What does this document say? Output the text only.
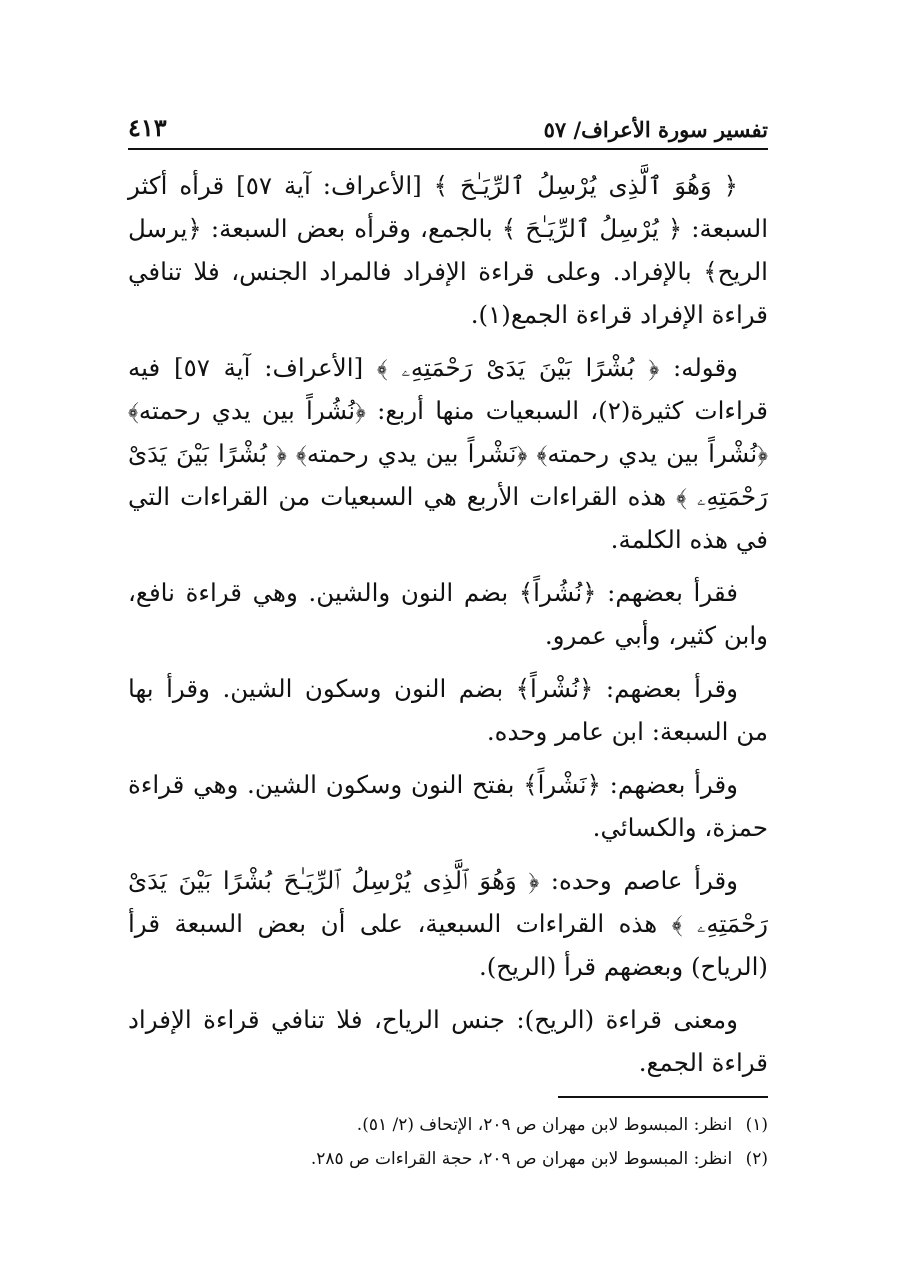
تفسير سورة الأعراف/ ٥٧
٤١٣

﴿ وَهُوَ ٱلَّذِى يُرْسِلُ ٱلرِّيَـٰحَ ﴾ [الأعراف: آية ٥٧] قرأه أكثر السبعة: ﴿ يُرْسِلُ ٱلرِّيَـٰحَ ﴾ بالجمع، وقرأه بعض السبعة: ﴿يرسل الريح﴾ بالإفراد. وعلى قراءة الإفراد فالمراد الجنس، فلا تنافي قراءة الإفراد قراءة الجمع(١).

وقوله: ﴿ بُشْرًا بَيْنَ يَدَىْ رَحْمَتِهِۦ ﴾ [الأعراف: آية ٥٧] فيه قراءات كثيرة(٢)، السبعيات منها أربع: ﴿نُشُراً بين يدي رحمته﴾ ﴿نُشْراً بين يدي رحمته﴾ ﴿نَشْراً بين يدي رحمته﴾ ﴿ بُشْرًا بَيْنَ يَدَىْ رَحْمَتِهِۦ ﴾ هذه القراءات الأربع هي السبعيات من القراءات التي في هذه الكلمة.

فقرأ بعضهم: ﴿نُشُراً﴾ بضم النون والشين. وهي قراءة نافع، وابن كثير، وأبي عمرو.

وقرأ بعضهم: ﴿نُشْراً﴾ بضم النون وسكون الشين. وقرأ بها من السبعة: ابن عامر وحده.

وقرأ بعضهم: ﴿نَشْراً﴾ بفتح النون وسكون الشين. وهي قراءة حمزة، والكسائي.

وقرأ عاصم وحده: ﴿ وَهُوَ ٱلَّذِى يُرْسِلُ ٱلرِّيَـٰحَ بُشْرًا بَيْنَ يَدَىْ رَحْمَتِهِۦ ﴾ هذه القراءات السبعية، على أن بعض السبعة قرأ (الرياح) وبعضهم قرأ (الريح).

ومعنى قراءة (الريح): جنس الرياح، فلا تنافي قراءة الإفراد قراءة الجمع.

(١) انظر: المبسوط لابن مهران ص ٢٠٩، الإتحاف (٢/ ٥١).
(٢) انظر: المبسوط لابن مهران ص ٢٠٩، حجة القراءات ص ٢٨٥.
